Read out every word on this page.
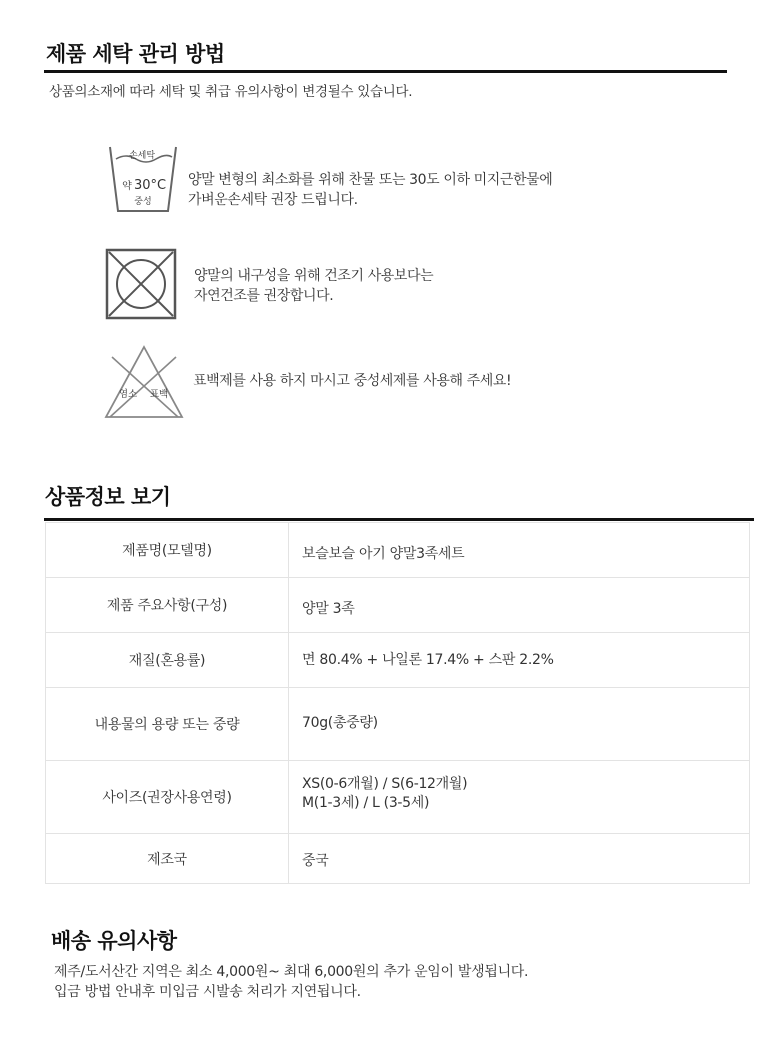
제품 세탁 관리 방법
상품의소재에 따라 세탁 및 취급 유의사항이 변경될수 있습니다.
손세탁
약 30°C
중성
양말 변형의 최소화를 위해 찬물 또는 30도 이하 미지근한물에
가벼운손세탁 권장 드립니다.
양말의 내구성을 위해 건조기 사용보다는
자연건조를 권장합니다.
염소 표백
표백제를 사용 하지 마시고 중성세제를 사용해 주세요!
상품정보 보기
제품명(모델명)	보슬보슬 아기 양말3족세트

제품 주요사항(구성)	양말 3족

재질(혼용률)	면 80.4% + 나일론 17.4% + 스판 2.2%

내용물의 용량 또는 중량	70g(총중량)

사이즈(권장사용연령)	XS(0-6개월) / S(6-12개월)
M(1-3세) / L (3-5세)

제조국	중국
배송 유의사항
제주/도서산간 지역은 최소 4,000원~ 최대 6,000원의 추가 운임이 발생됩니다.
입금 방법 안내후 미입금 시발송 처리가 지연됩니다.
